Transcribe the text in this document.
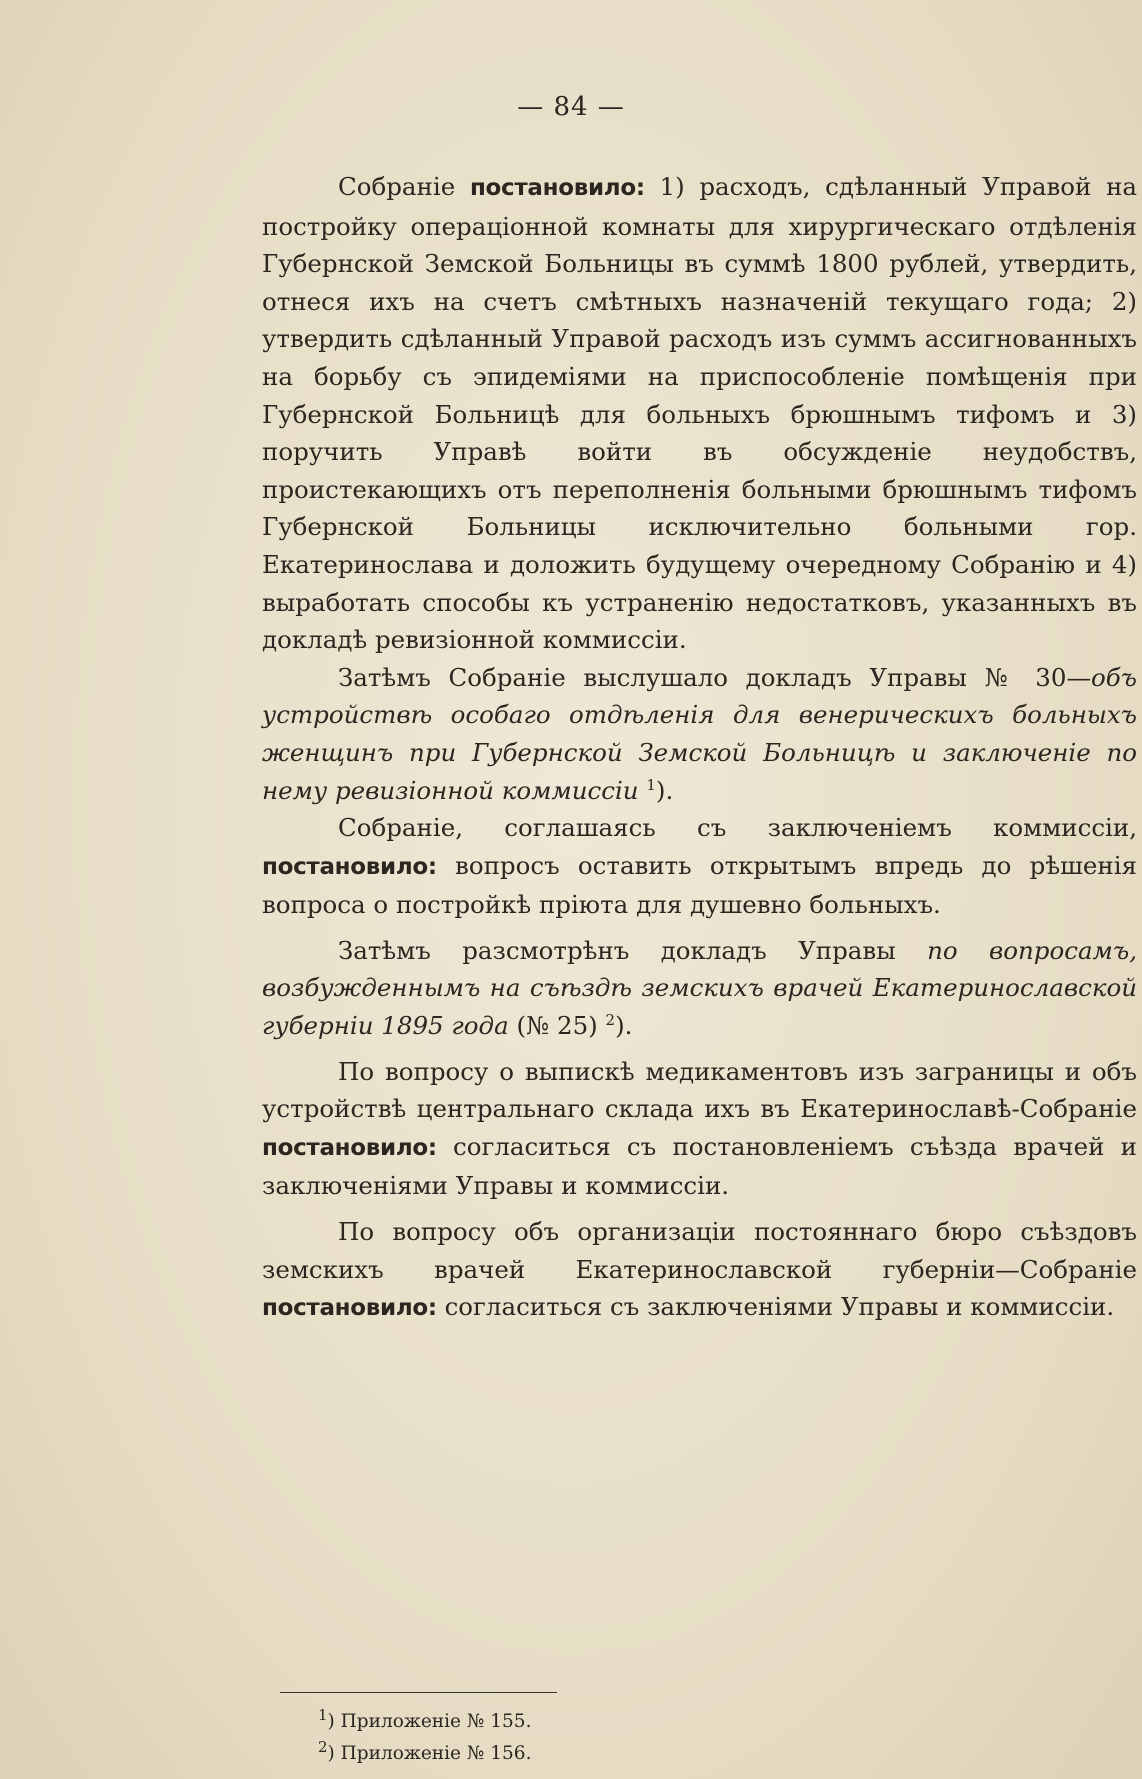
— 84 —

Собраніе постановило: 1) расходъ, сдѣланный Управой на постройку операціонной комнаты для хирургическаго отдѣленія Губернской Земской Больницы въ суммѣ 1800 рублей, утвердить, отнеся ихъ на счетъ смѣтныхъ назначеній текущаго года; 2) утвердить сдѣланный Управой расходъ изъ суммъ ассигнованныхъ на борьбу съ эпидеміями на приспособленіе помѣщенія при Губернской Больницѣ для больныхъ брюшнымъ тифомъ и 3) поручить Управѣ войти въ обсужденіе неудобствъ, проистекающихъ отъ переполненія больными брюшнымъ тифомъ Губернской Больницы исключительно больными гор. Екатеринослава и доложить будущему очередному Собранію и 4) выработать способы къ устраненію недостатковъ, указанныхъ въ докладѣ ревизіонной коммиссіи.

Затѣмъ Собраніе выслушало докладъ Управы № 30—объ устройствѣ особаго отдѣленія для венерическихъ больныхъ женщинъ при Губернской Земской Больницѣ и заключеніе по нему ревизіонной коммиссіи $^1$).

Собраніе, соглашаясь съ заключеніемъ коммиссіи, постановило: вопросъ оставить открытымъ впредь до рѣшенія вопроса о постройкѣ пріюта для душевно больныхъ.

Затѣмъ разсмотрѣнъ докладъ Управы по вопросамъ, возбужденнымъ на съѣздѣ земскихъ врачей Екатеринославской губерніи 1895 года (№ 25) $^2$).

По вопросу о выпискѣ медикаментовъ изъ заграницы и объ устройствѣ центральнаго склада ихъ въ Екатеринославѣ-Собраніе постановило: согласиться съ постановленіемъ съѣзда врачей и заключеніями Управы и коммиссіи.

По вопросу объ организаціи постояннаго бюро съѣздовъ земскихъ врачей Екатеринославской губерніи—Собраніе постановило: согласиться съ заключеніями Управы и коммиссіи.

$^1$) Приложеніе № 155.
$^2$) Приложеніе № 156.
